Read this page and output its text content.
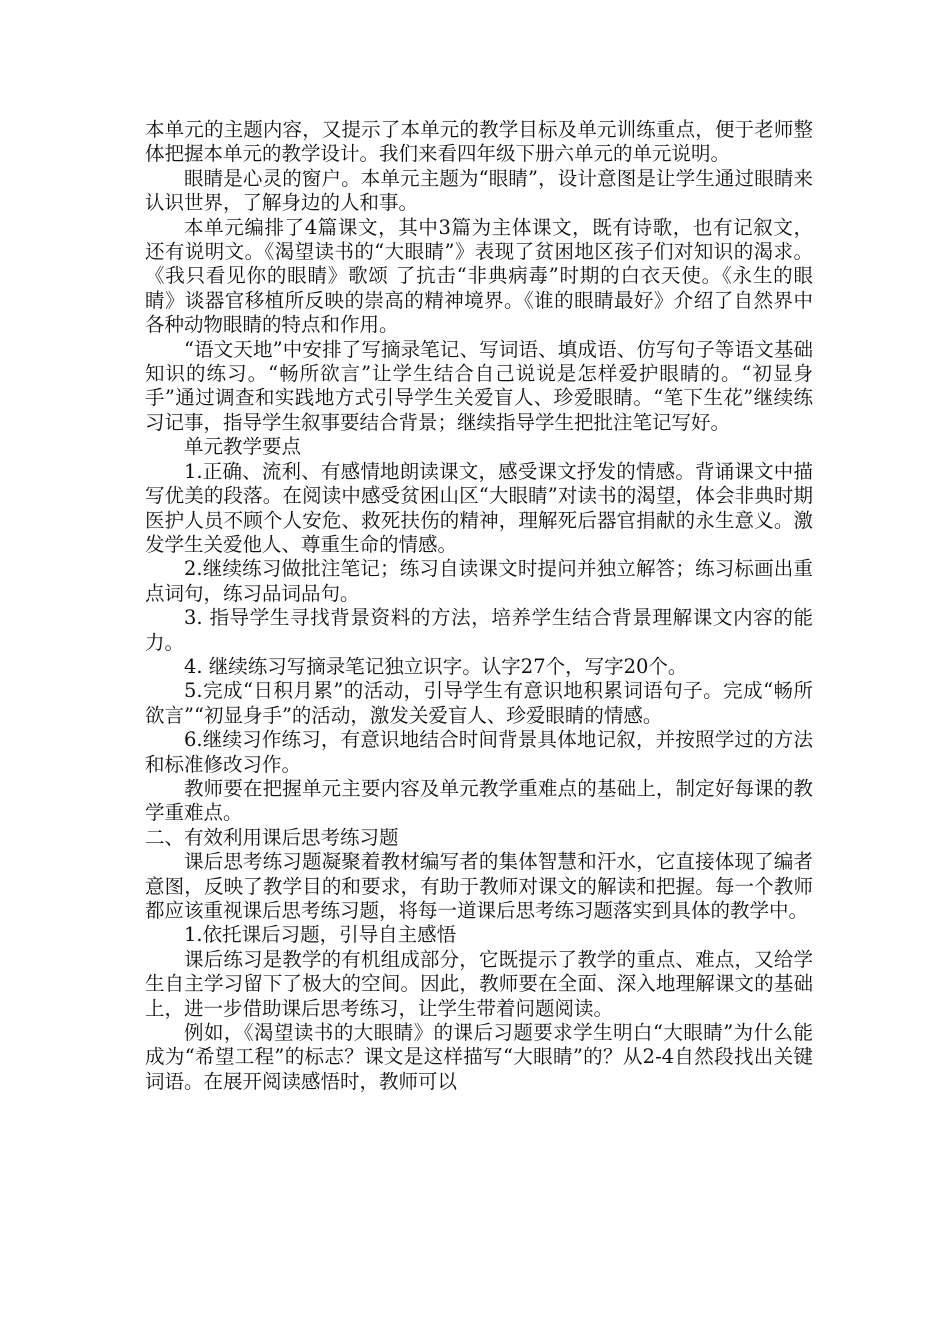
本单元的主题内容，又提示了本单元的教学目标及单元训练重点，便于老师整体把握本单元的教学设计。我们来看四年级下册六单元的单元说明。

眼睛是心灵的窗户。本单元主题为“眼睛”，设计意图是让学生通过眼睛来认识世界，了解身边的人和事。

本单元编排了4篇课文，其中3篇为主体课文，既有诗歌，也有记叙文，还有说明文。《渴望读书的“大眼睛”》表现了贫困地区孩子们对知识的渴求。《我只看见你的眼睛》歌颂 了抗击“非典病毒”时期的白衣天使。《永生的眼睛》谈器官移植所反映的崇高的精神境界。《谁的眼睛最好》介绍了自然界中各种动物眼睛的特点和作用。

“语文天地”中安排了写摘录笔记、写词语、填成语、仿写句子等语文基础知识的练习。“畅所欲言”让学生结合自己说说是怎样爱护眼睛的。“初显身手”通过调查和实践地方式引导学生关爱盲人、珍爱眼睛。“笔下生花”继续练习记事，指导学生叙事要结合背景；继续指导学生把批注笔记写好。

单元教学要点

1.正确、流利、有感情地朗读课文，感受课文抒发的情感。背诵课文中描写优美的段落。在阅读中感受贫困山区“大眼睛”对读书的渴望，体会非典时期医护人员不顾个人安危、救死扶伤的精神，理解死后器官捐献的永生意义。激发学生关爱他人、尊重生命的情感。

2.继续练习做批注笔记；练习自读课文时提问并独立解答；练习标画出重点词句，练习品词品句。

3. 指导学生寻找背景资料的方法，培养学生结合背景理解课文内容的能力。

4. 继续练习写摘录笔记独立识字。认字27个，写字20个。

5.完成“日积月累”的活动，引导学生有意识地积累词语句子。完成“畅所欲言”“初显身手”的活动，激发关爱盲人、珍爱眼睛的情感。

6.继续习作练习，有意识地结合时间背景具体地记叙，并按照学过的方法和标准修改习作。

教师要在把握单元主要内容及单元教学重难点的基础上，制定好每课的教学重难点。

二、有效利用课后思考练习题

课后思考练习题凝聚着教材编写者的集体智慧和汗水，它直接体现了编者意图，反映了教学目的和要求，有助于教师对课文的解读和把握。每一个教师都应该重视课后思考练习题，将每一道课后思考练习题落实到具体的教学中。

1.依托课后习题，引导自主感悟

课后练习是教学的有机组成部分，它既提示了教学的重点、难点，又给学生自主学习留下了极大的空间。因此，教师要在全面、深入地理解课文的基础上，进一步借助课后思考练习，让学生带着问题阅读。

例如，《渴望读书的大眼睛》的课后习题要求学生明白“大眼睛”为什么能成为“希望工程”的标志？课文是这样描写“大眼睛”的？从2-4自然段找出关键词语。在展开阅读感悟时，教师可以
